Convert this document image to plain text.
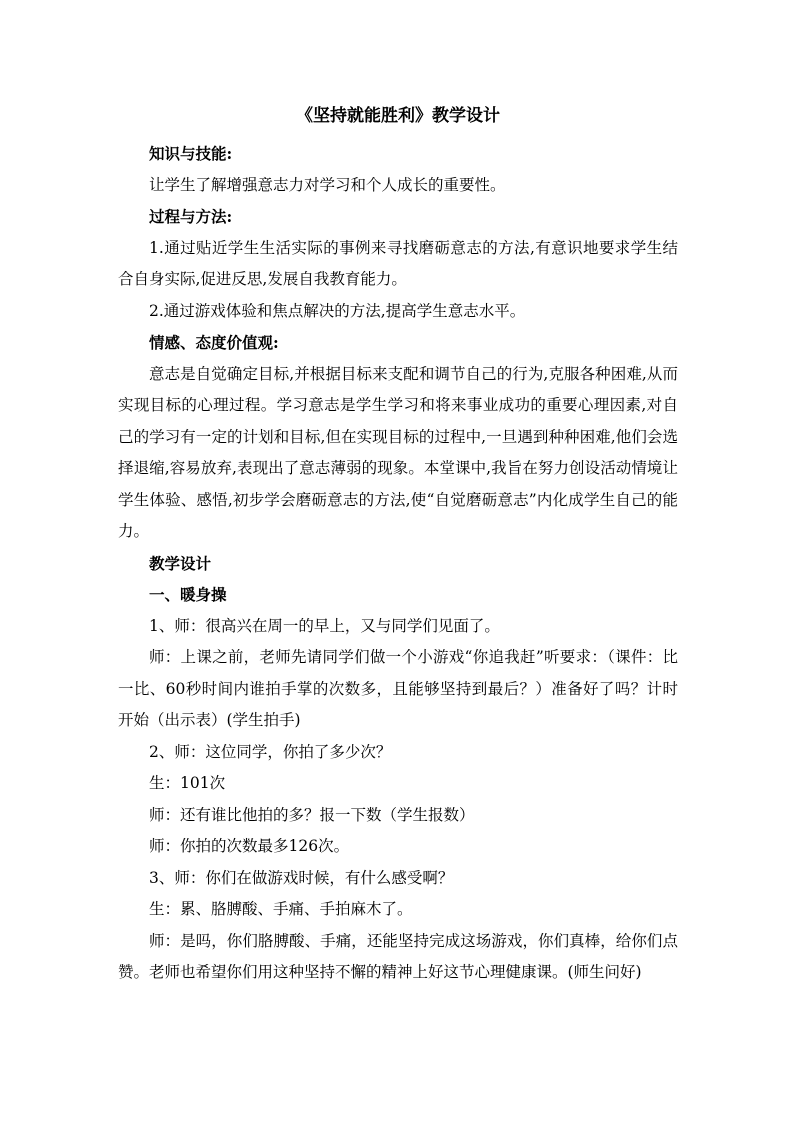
《坚持就能胜利》教学设计

知识与技能:

让学生了解增强意志力对学习和个人成长的重要性。

过程与方法:

1.通过贴近学生生活实际的事例来寻找磨砺意志的方法,有意识地要求学生结合自身实际,促进反思,发展自我教育能力。

2.通过游戏体验和焦点解决的方法,提高学生意志水平。

情感、态度价值观:

意志是自觉确定目标,并根据目标来支配和调节自己的行为,克服各种困难,从而实现目标的心理过程。学习意志是学生学习和将来事业成功的重要心理因素,对自己的学习有一定的计划和目标,但在实现目标的过程中,一旦遇到种种困难,他们会选择退缩,容易放弃,表现出了意志薄弱的现象。本堂课中,我旨在努力创设活动情境让学生体验、感悟,初步学会磨砺意志的方法,使“自觉磨砺意志”内化成学生自己的能力。

教学设计

一、暖身操

1、师：很高兴在周一的早上，又与同学们见面了。

师：上课之前，老师先请同学们做一个小游戏“你追我赶”听要求：（课件：比一比、60秒时间内谁拍手掌的次数多，且能够坚持到最后？）准备好了吗？计时开始（出示表）(学生拍手)

2、师：这位同学，你拍了多少次？

生：101次

师：还有谁比他拍的多？报一下数（学生报数）

师：你拍的次数最多126次。

3、师：你们在做游戏时候，有什么感受啊？

生：累、胳膊酸、手痛、手拍麻木了。

师：是吗，你们胳膊酸、手痛，还能坚持完成这场游戏，你们真棒，给你们点赞。老师也希望你们用这种坚持不懈的精神上好这节心理健康课。(师生问好)
